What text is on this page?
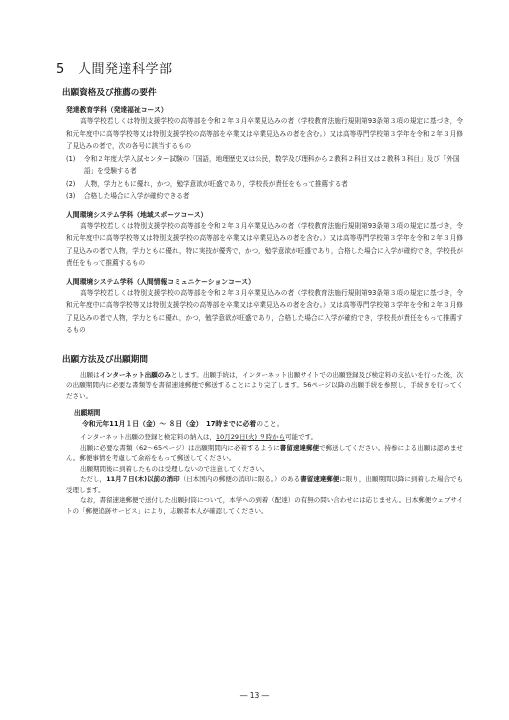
5 人間発達科学部
出願資格及び推薦の要件
発達教育学科（発達福祉コース）
高等学校若しくは特別支援学校の高等部を令和２年３月卒業見込みの者（学校教育法施行規則第93条第３項の規定に基づき，令和元年度中に高等学校等又は特別支援学校の高等部を卒業又は卒業見込みの者を含む。）又は高等専門学校第３学年を令和２年３月修了見込みの者で，次の各号に該当するもの
(1)	令和２年度大学入試センター試験の「国語，地理歴史又は公民，数学及び理科から２教科２科目又は２教科３科目」及び「外国語」を受験する者
(2)	人物，学力ともに優れ，かつ，勉学意欲が旺盛であり，学校長が責任をもって推薦する者
(3)	合格した場合に入学が確約できる者
人間環境システム学科（地域スポーツコース）
高等学校若しくは特別支援学校の高等部を令和２年３月卒業見込みの者（学校教育法施行規則第93条第３項の規定に基づき，令和元年度中に高等学校等又は特別支援学校の高等部を卒業又は卒業見込みの者を含む。）又は高等専門学校第３学年を令和２年３月修了見込みの者で人物，学力ともに優れ，特に実技が優秀で，かつ，勉学意欲が旺盛であり，合格した場合に入学が確約でき，学校長が責任をもって推薦するもの
人間環境システム学科（人間情報コミュニケーションコース）
高等学校若しくは特別支援学校の高等部を令和２年３月卒業見込みの者（学校教育法施行規則第93条第３項の規定に基づき，令和元年度中に高等学校等又は特別支援学校の高等部を卒業又は卒業見込みの者を含む。）又は高等専門学校第３学年を令和２年３月修了見込みの者で人物，学力ともに優れ，かつ，勉学意欲が旺盛であり，合格した場合に入学が確約でき，学校長が責任をもって推薦するもの
出願方法及び出願期間
出願はインターネット出願のみとします。出願手続は，インターネット出願サイトでの出願登録及び検定料の支払いを行った後，次の出願期間内に必要な書類等を書留速達郵便で郵送することにより完了します。56ページ以降の出願手続を参照し，手続きを行ってください。
出願期間
令和元年11月１日（金）～ ８日（金）　17時までに必着のこと。
インターネット出願の登録と検定料の納入は，10月29日(火) ９時から可能です。
出願に必要な書類（62～65ページ）は出願期間内に必着するように書留速達郵便で郵送してください。持参による出願は認めません。郵便事情を考慮して余裕をもって郵送してください。
出願期間後に到着したものは受理しないので注意してください。
ただし，11月７日(木)以前の消印（日本国内の郵便の消印に限る。）のある書留速達郵便に限り，出願期間以降に到着した場合でも受理します。
なお，書留速達郵便で送付した出願封筒について，本学への到着（配達）の有無の問い合わせには応じません。日本郵便ウェブサイトの「郵便追跡サービス」により，志願者本人が確認してください。
― 13 ―
